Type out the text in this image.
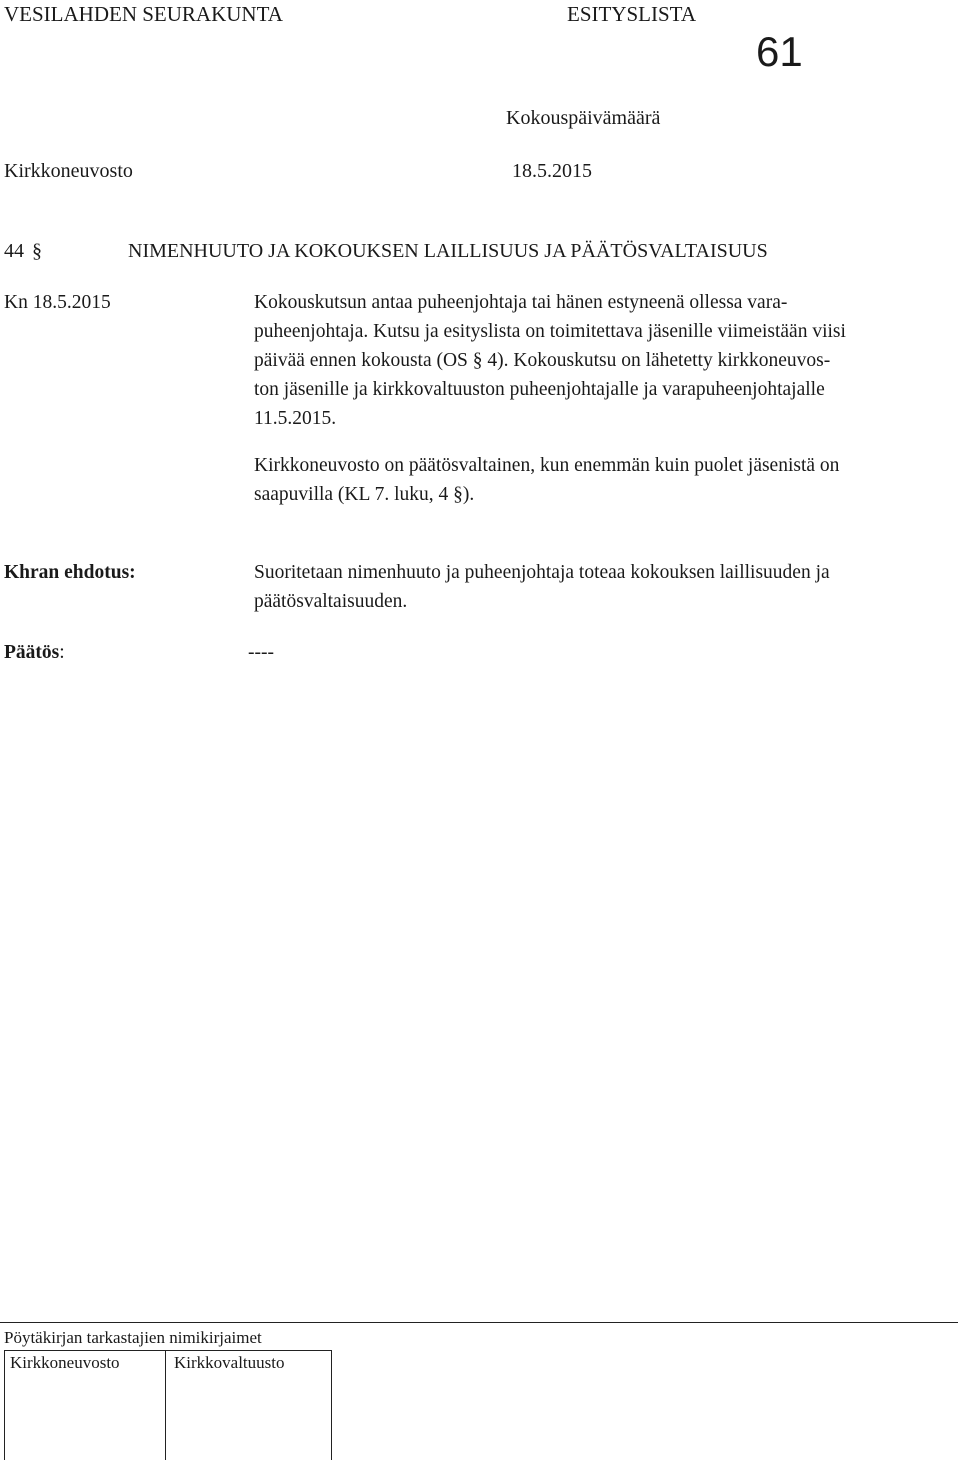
VESILAHDEN SEURAKUNTA	ESITYSLISTA
61
Kokouspäivämäärä
Kirkkoneuvosto	18.5.2015
44 §	NIMENHUUTO JA KOKOUKSEN LAILLISUUS JA PÄÄTÖSVALTAISUUS
Kn 18.5.2015	Kokouskutsun antaa puheenjohtaja tai hänen estyneenä ollessa vara-
puheenjohtaja. Kutsu ja esityslista on toimitettava jäsenille viimeistään viisi
päivää ennen kokousta (OS § 4). Kokouskutsu on lähetetty kirkkoneuvos-
ton jäsenille ja kirkkovaltuuston puheenjohtajalle ja varapuheenjohtajalle
11.5.2015.
Kirkkoneuvosto on päätösvaltainen, kun enemmän kuin puolet jäsenistä on
saapuvilla (KL 7. luku, 4 §).
Khran ehdotus:	Suoritetaan nimenhuuto ja puheenjohtaja toteaa kokouksen laillisuuden ja
päätösvaltaisuuden.
Päätös:	----
Pöytäkirjan tarkastajien nimikirjaimet
Kirkkoneuvosto	Kirkkovaltuusto
